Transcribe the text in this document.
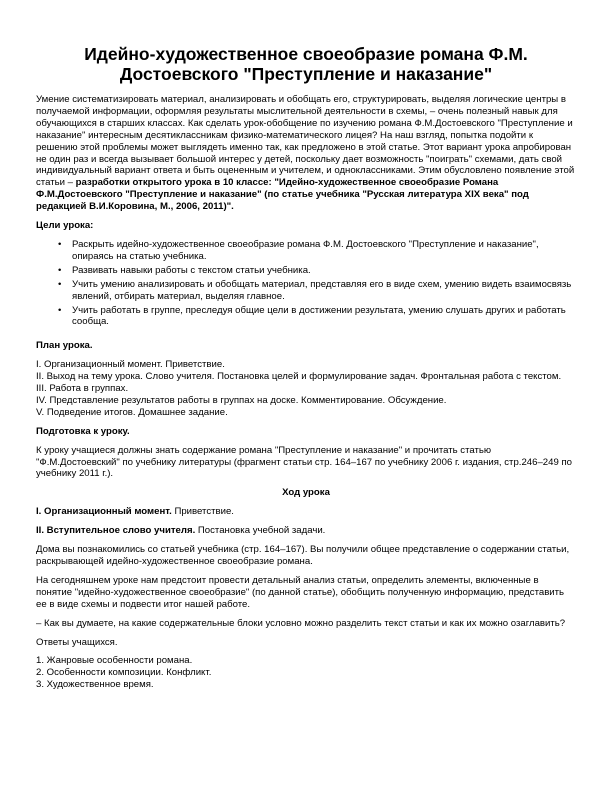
Идейно-художественное своеобразие романа Ф.М. Достоевского "Преступление и наказание"

Умение систематизировать материал, анализировать и обобщать его, структурировать, выделяя логические центры в получаемой информации, оформляя результаты мыслительной деятельности в схемы, – очень полезный навык для обучающихся в старших классах. Как сделать урок-обобщение по изучению романа Ф.М.Достоевского "Преступление и наказание" интересным десятиклассникам физико-математического лицея? На наш взгляд, попытка подойти к решению этой проблемы может выглядеть именно так, как предложено в этой статье. Этот вариант урока апробирован не один раз и всегда вызывает большой интерес у детей, поскольку дает возможность "поиграть" схемами, дать свой индивидуальный вариант ответа и быть оцененным и учителем, и одноклассниками. Этим обусловлено появление этой статьи – разработки открытого урока в 10 классе: "Идейно-художественное своеобразие Романа Ф.М.Достоевского "Преступление и наказание" (по статье учебника "Русская литература XIX века" под редакцией В.И.Коровина, М., 2006, 2011)".

Цели урока:
• Раскрыть идейно-художественное своеобразие романа Ф.М. Достоевского "Преступление и наказание", опираясь на статью учебника.
• Развивать навыки работы с текстом статьи учебника.
• Учить умению анализировать и обобщать материал, представляя его в виде схем, умению видеть взаимосвязь явлений, отбирать материал, выделяя главное.
• Учить работать в группе, преследуя общие цели в достижении результата, умению слушать других и работать сообща.
План урока.
I. Организационный момент. Приветствие.
II. Выход на тему урока. Слово учителя. Постановка целей и формулирование задач. Фронтальная работа с текстом.
III. Работа в группах.
IV. Представление результатов работы в группах на доске. Комментирование. Обсуждение.
V. Подведение итогов. Домашнее задание.
Подготовка к уроку.

К уроку учащиеся должны знать содержание романа "Преступление и наказание" и прочитать статью "Ф.М.Достоевский" по учебнику литературы (фрагмент статьи стр. 164–167 по учебнику 2006 г. издания, стр.246–249 по учебнику 2011 г.).

Ход урока

I. Организационный момент. Приветствие.

II. Вступительное слово учителя. Постановка учебной задачи.

Дома вы познакомились со статьей учебника (стр. 164–167). Вы получили общее представление о содержании статьи, раскрывающей идейно-художественное своеобразие романа.

На сегодняшнем уроке нам предстоит провести детальный анализ статьи, определить элементы, включенные в понятие "идейно-художественное своеобразие" (по данной статье), обобщить полученную информацию, представить ее в виде схемы и подвести итог нашей работе.

– Как вы думаете, на какие содержательные блоки условно можно разделить текст статьи и как их можно озаглавить?

Ответы учащихся.

1. Жанровые особенности романа.
2. Особенности композиции. Конфликт.
3. Художественное время.
